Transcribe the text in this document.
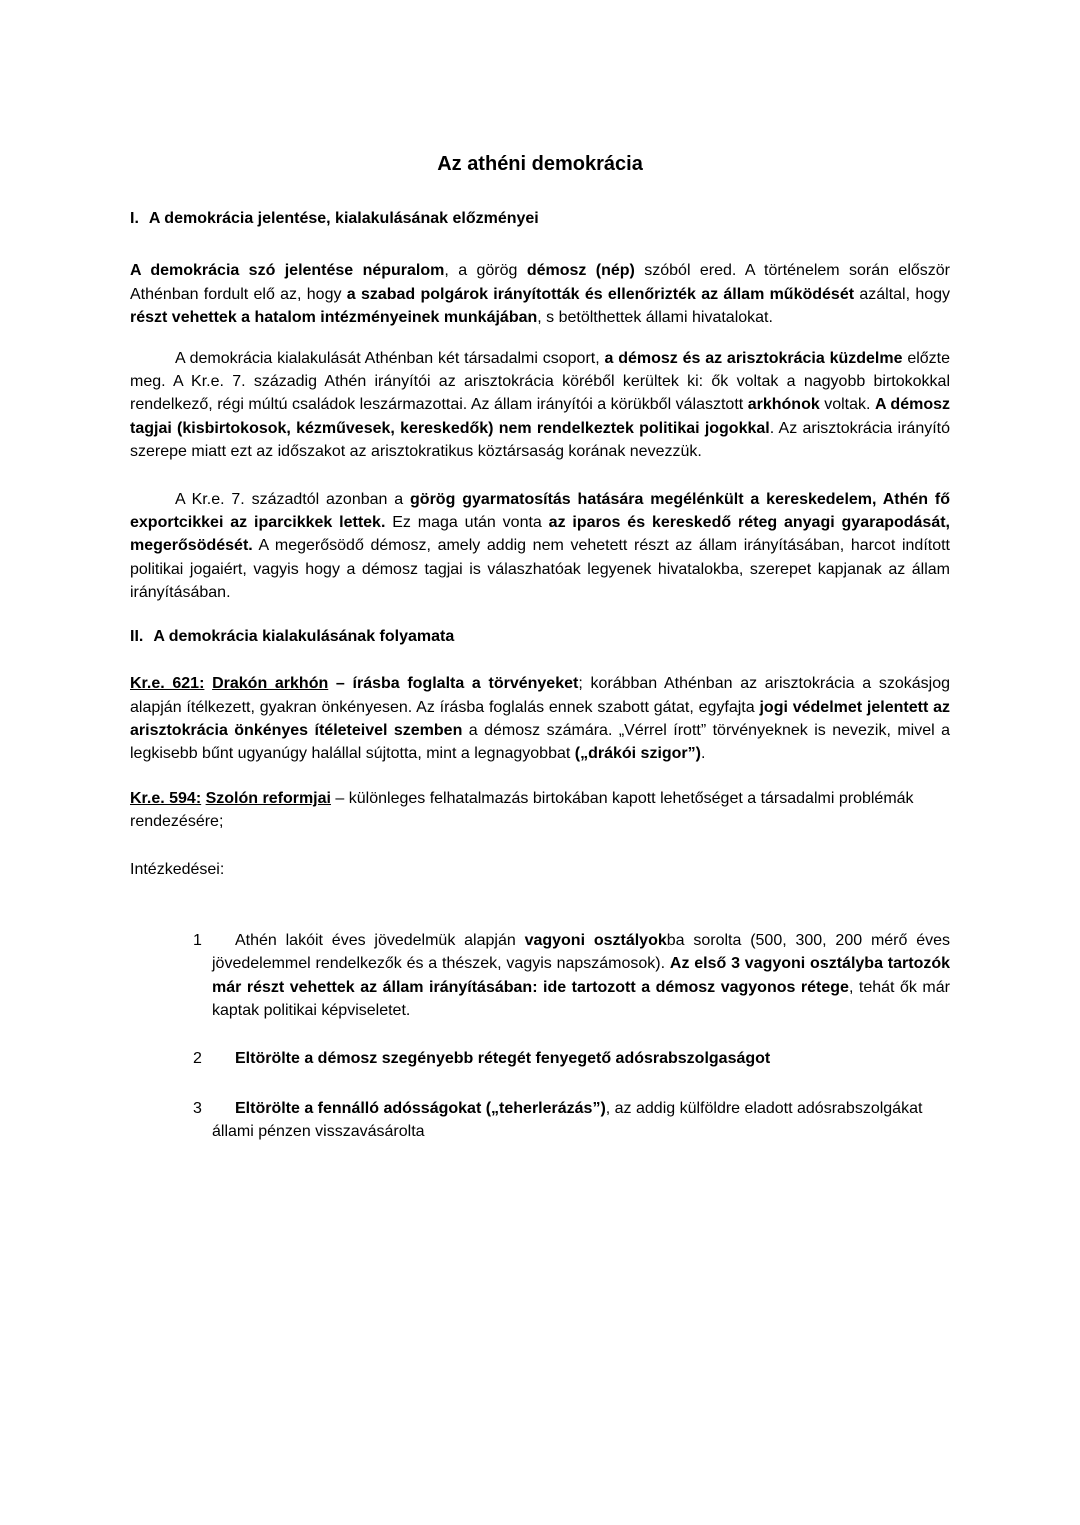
Az athéni demokrácia
I. A demokrácia jelentése, kialakulásának előzményei

A demokrácia szó jelentése népuralom, a görög démosz (nép) szóból ered. A történelem során először Athénban fordult elő az, hogy a szabad polgárok irányították és ellenőrizték az állam működését azáltal, hogy részt vehettek a hatalom intézményeinek munkájában, s betölthettek állami hivatalokat.

A demokrácia kialakulását Athénban két társadalmi csoport, a démosz és az arisztokrácia küzdelme előzte meg. A Kr.e. 7. századig Athén irányítói az arisztokrácia köréből kerültek ki: ők voltak a nagyobb birtokokkal rendelkező, régi múltú családok leszármazottai. Az állam irányítói a körükből választott arkhónok voltak. A démosz tagjai (kisbirtokosok, kézművesek, kereskedők) nem rendelkeztek politikai jogokkal. Az arisztokrácia irányító szerepe miatt ezt az időszakot az arisztokratikus köztársaság korának nevezzük.

A Kr.e. 7. századtól azonban a görög gyarmatosítás hatására megélénkült a kereskedelem, Athén fő exportcikkei az iparcikkek lettek. Ez maga után vonta az iparos és kereskedő réteg anyagi gyarapodását, megerősödését. A megerősödő démosz, amely addig nem vehetett részt az állam irányításában, harcot indított politikai jogaiért, vagyis hogy a démosz tagjai is válaszhatóak legyenek hivatalokba, szerepet kapjanak az állam irányításában.

II. A demokrácia kialakulásának folyamata

Kr.e. 621: Drakón arkhón – írásba foglalta a törvényeket; korábban Athénban az arisztokrácia a szokásjog alapján ítélkezett, gyakran önkényesen. Az írásba foglalás ennek szabott gátat, egyfajta jogi védelmet jelentett az arisztokrácia önkényes ítéleteivel szemben a démosz számára. „Vérrel írott” törvényeknek is nevezik, mivel a legkisebb bűnt ugyanúgy halállal sújtotta, mint a legnagyobbat („drákói szigor”).

Kr.e. 594: Szolón reformjai – különleges felhatalmazás birtokában kapott lehetőséget a társadalmi problémák rendezésére;

Intézkedései:

1	Athén lakóit éves jövedelmük alapján vagyoni osztályokba sorolta (500, 300, 200 mérő éves jövedelemmel rendelkezők és a thészek, vagyis napszámosok). Az első 3 vagyoni osztályba tartozók már részt vehettek az állam irányításában: ide tartozott a démosz vagyonos rétege, tehát ők már kaptak politikai képviseletet.
2	Eltörölte a démosz szegényebb rétegét fenyegető adósrabszolgaságot
3	Eltörölte a fennálló adósságokat („teherlerázás”), az addig külföldre eladott adósrabszolgákat állami pénzen visszavásárolta
